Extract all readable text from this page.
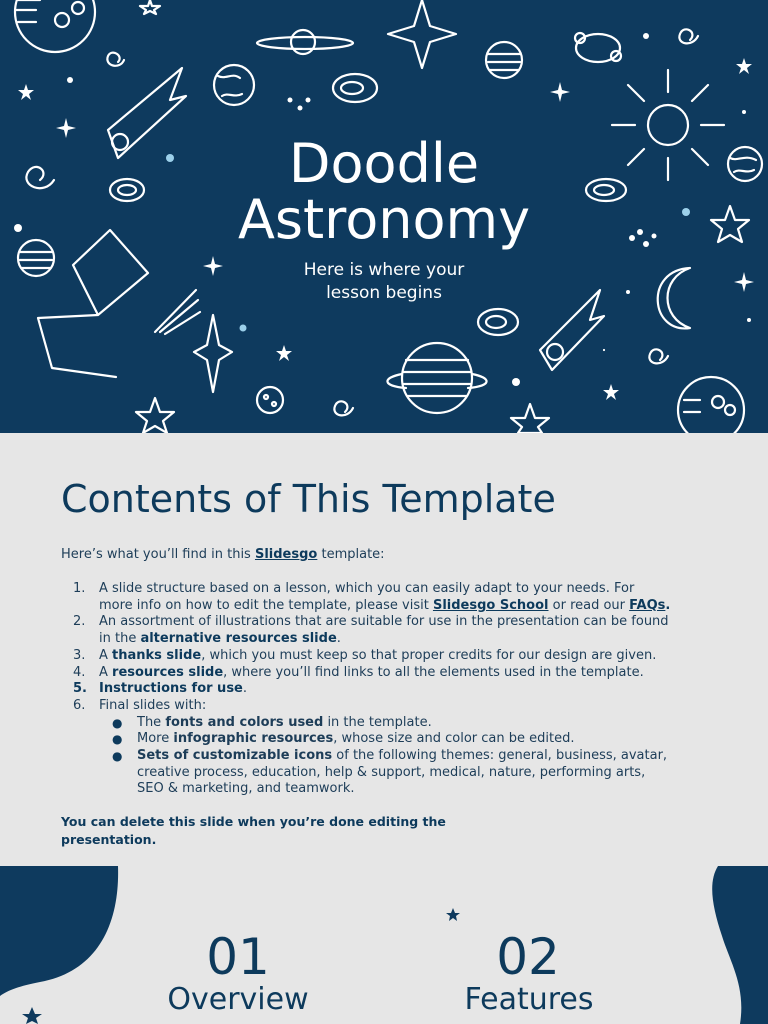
Doodle
Astronomy
Here is where your
lesson begins
Contents of This Template
Here’s what you’ll find in this Slidesgo template:
1. A slide structure based on a lesson, which you can easily adapt to your needs. For more info on how to edit the template, please visit Slidesgo School or read our FAQs.
2. An assortment of illustrations that are suitable for use in the presentation can be found in the alternative resources slide.
3. A thanks slide, which you must keep so that proper credits for our design are given.
4. A resources slide, where you’ll find links to all the elements used in the template.
5. Instructions for use.
6. Final slides with:
● The fonts and colors used in the template.
● More infographic resources, whose size and color can be edited.
● Sets of customizable icons of the following themes: general, business, avatar, creative process, education, help & support, medical, nature, performing arts, SEO & marketing, and teamwork.
You can delete this slide when you’re done editing the presentation.
01
Overview
02
Features
